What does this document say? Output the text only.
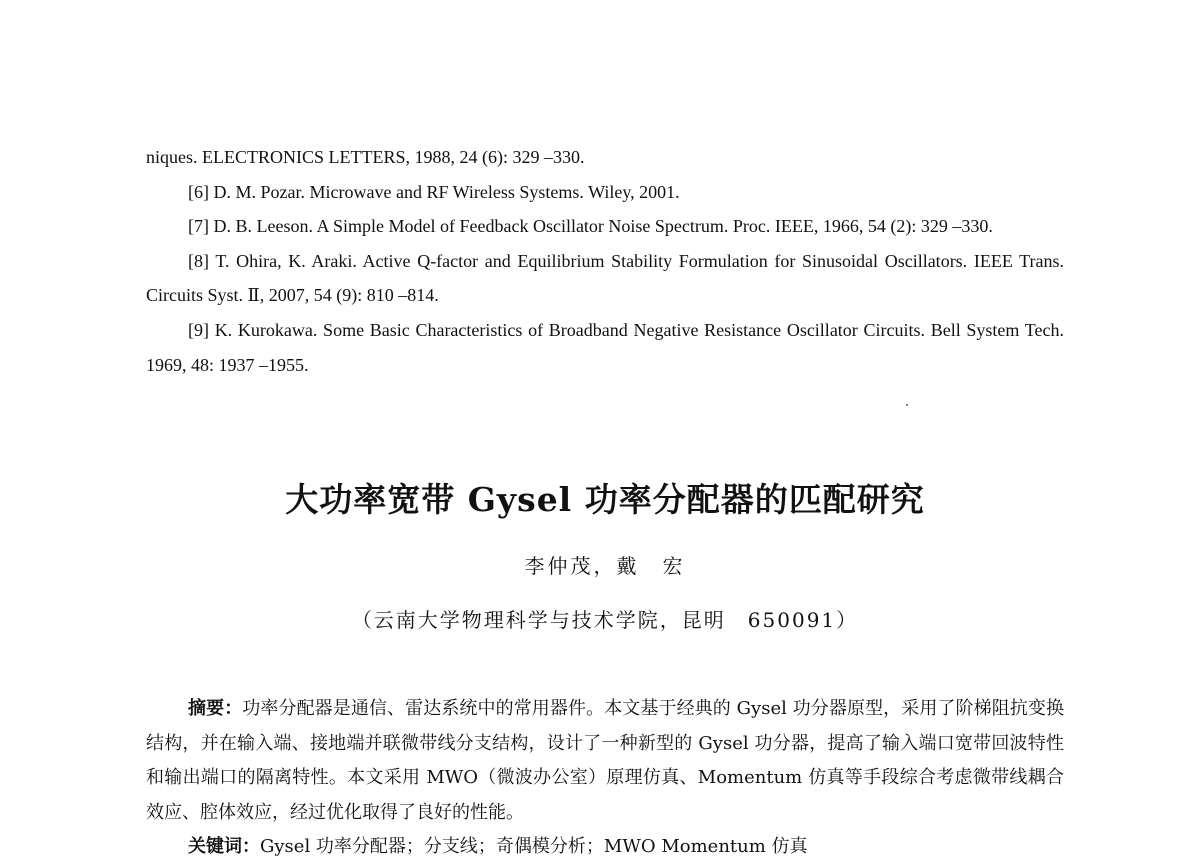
niques. ELECTRONICS LETTERS, 1988, 24 (6): 329 –330.

[6] D. M. Pozar. Microwave and RF Wireless Systems. Wiley, 2001.

[7] D. B. Leeson. A Simple Model of Feedback Oscillator Noise Spectrum. Proc. IEEE, 1966, 54 (2): 329 –330.

[8] T. Ohira, K. Araki. Active Q-factor and Equilibrium Stability Formulation for Sinusoidal Oscillators. IEEE Trans. Circuits Syst. Ⅱ, 2007, 54 (9): 810 –814.

[9] K. Kurokawa. Some Basic Characteristics of Broadband Negative Resistance Oscillator Circuits. Bell System Tech. 1969, 48: 1937 –1955.

大功率宽带 Gysel 功率分配器的匹配研究
李仲茂，戴　宏
（云南大学物理科学与技术学院，昆明　650091）

摘要：功率分配器是通信、雷达系统中的常用器件。本文基于经典的 Gysel 功分器原型，采用了阶梯阻抗变换结构，并在输入端、接地端并联微带线分支结构，设计了一种新型的 Gysel 功分器，提高了输入端口宽带回波特性和输出端口的隔离特性。本文采用 MWO（微波办公室）原理仿真、Momentum 仿真等手段综合考虑微带线耦合效应、腔体效应，经过优化取得了良好的性能。

关键词：Gysel 功率分配器；分支线；奇偶模分析；MWO Momentum 仿真
